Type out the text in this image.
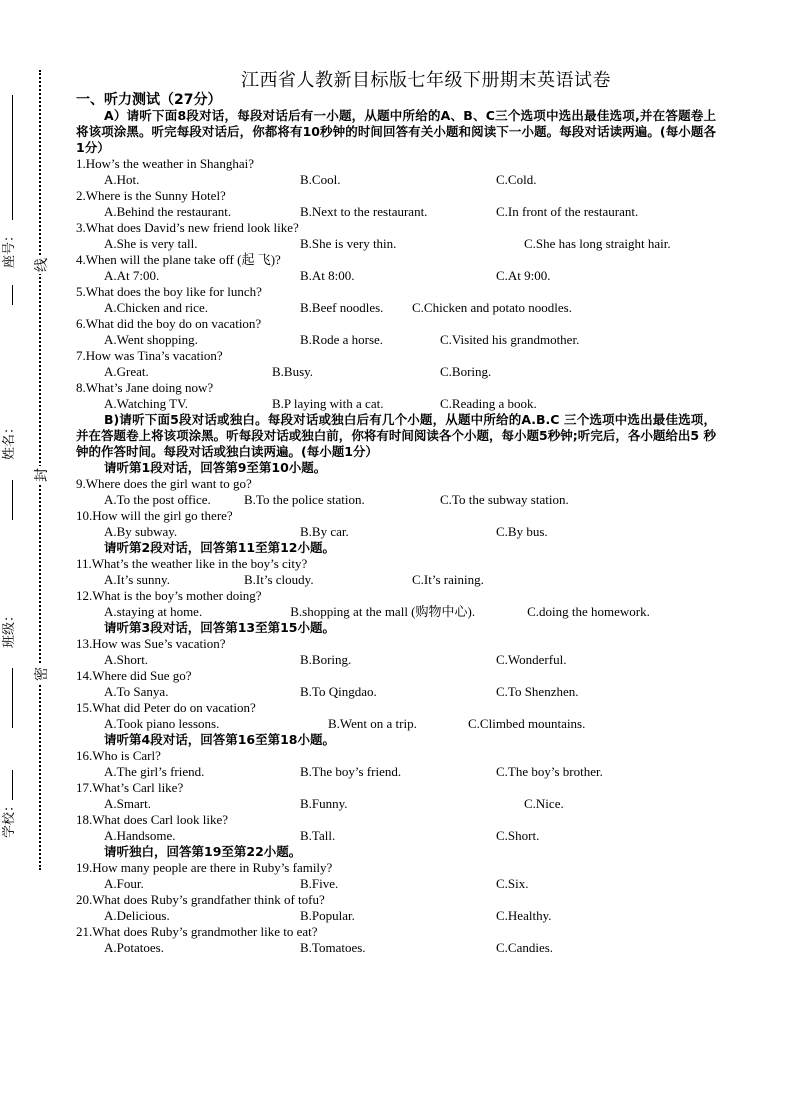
座号：
姓名：
班级：
学校：
线
封
密
江西省人教新目标版七年级下册期末英语试卷
一、听力测试（27分）
A）请听下面8段对话，每段对话后有一小题，从题中所给的A、B、C三个选项中选出最佳选项,并在答题卷上将该项涂黑。听完每段对话后，你都将有10秒钟的时间回答有关小题和阅读下一小题。每段对话读两遍。(每小题各1分）
1.How’s the weather in Shanghai?
A.Hot.	B.Cool.	C.Cold.
2.Where is the Sunny Hotel?
A.Behind the restaurant.	B.Next to the restaurant.	C.In front of the restaurant.
3.What does David’s new friend look like?
A.She is very tall.	B.She is very thin.	C.She has long straight hair.
4.When will the plane take off (起 飞)?
A.At 7:00.	B.At 8:00.	C.At 9:00.
5.What does the boy like for lunch?
A.Chicken and rice.	B.Beef noodles. C.Chicken and potato noodles.
6.What did the boy do on vacation?
A.Went shopping.	B.Rode a horse.	C.Visited his grandmother.
7.How was Tina’s vacation?
A.Great.	B.Busy.	C.Boring.
8.What’s Jane doing now?
A.Watching TV.	B.P laying with a cat.	C.Reading a book.
B)请听下面5段对话或独白。每段对话或独白后有几个小题，从题中所给的A.B.C 三个选项中选出最佳选项，并在答题卷上将该项涂黑。听每段对话或独白前，你将有时间阅读各个小题，每小题5秒钟;听完后，各小题给出5 秒钟的作答时间。每段对话或独白读两遍。(每小题1分）
请听第1段对话，回答第9至第10小题。
9.Where does the girl want to go?
A.To the post office.	B.To the police station.	C.To the subway station.
10.How will the girl go there?
A.By subway.	B.By car.	C.By bus.
请听第2段对话，回答第11至第12小题。
11.What’s the weather like in the boy’s city?
A.It’s sunny.	B.It’s cloudy.	C.It’s raining.
12.What is the boy’s mother doing?
A.staying at home.	B.shopping at the mall (购物中心).	C.doing the homework.
请听第3段对话，回答第13至第15小题。
13.How was Sue’s vacation?
A.Short.	B.Boring.	C.Wonderful.
14.Where did Sue go?
A.To Sanya.	B.To Qingdao.	C.To Shenzhen.
15.What did Peter do on vacation?
A.Took piano lessons.	B.Went on a trip.	C.Climbed mountains.
请听第4段对话，回答第16至第18小题。
16.Who is Carl?
A.The girl’s friend.	B.The boy’s friend.	C.The boy’s brother.
17.What’s Carl like?
A.Smart.	B.Funny.	C.Nice.
18.What does Carl look like?
A.Handsome.	B.Tall.	C.Short.
请听独白，回答第19至第22小题。
19.How many people are there in Ruby’s family?
A.Four.	B.Five.	C.Six.
20.What does Ruby’s grandfather think of tofu?
A.Delicious.	B.Popular.	C.Healthy.
21.What does Ruby’s grandmother like to eat?
A.Potatoes.	B.Tomatoes.	C.Candies.
